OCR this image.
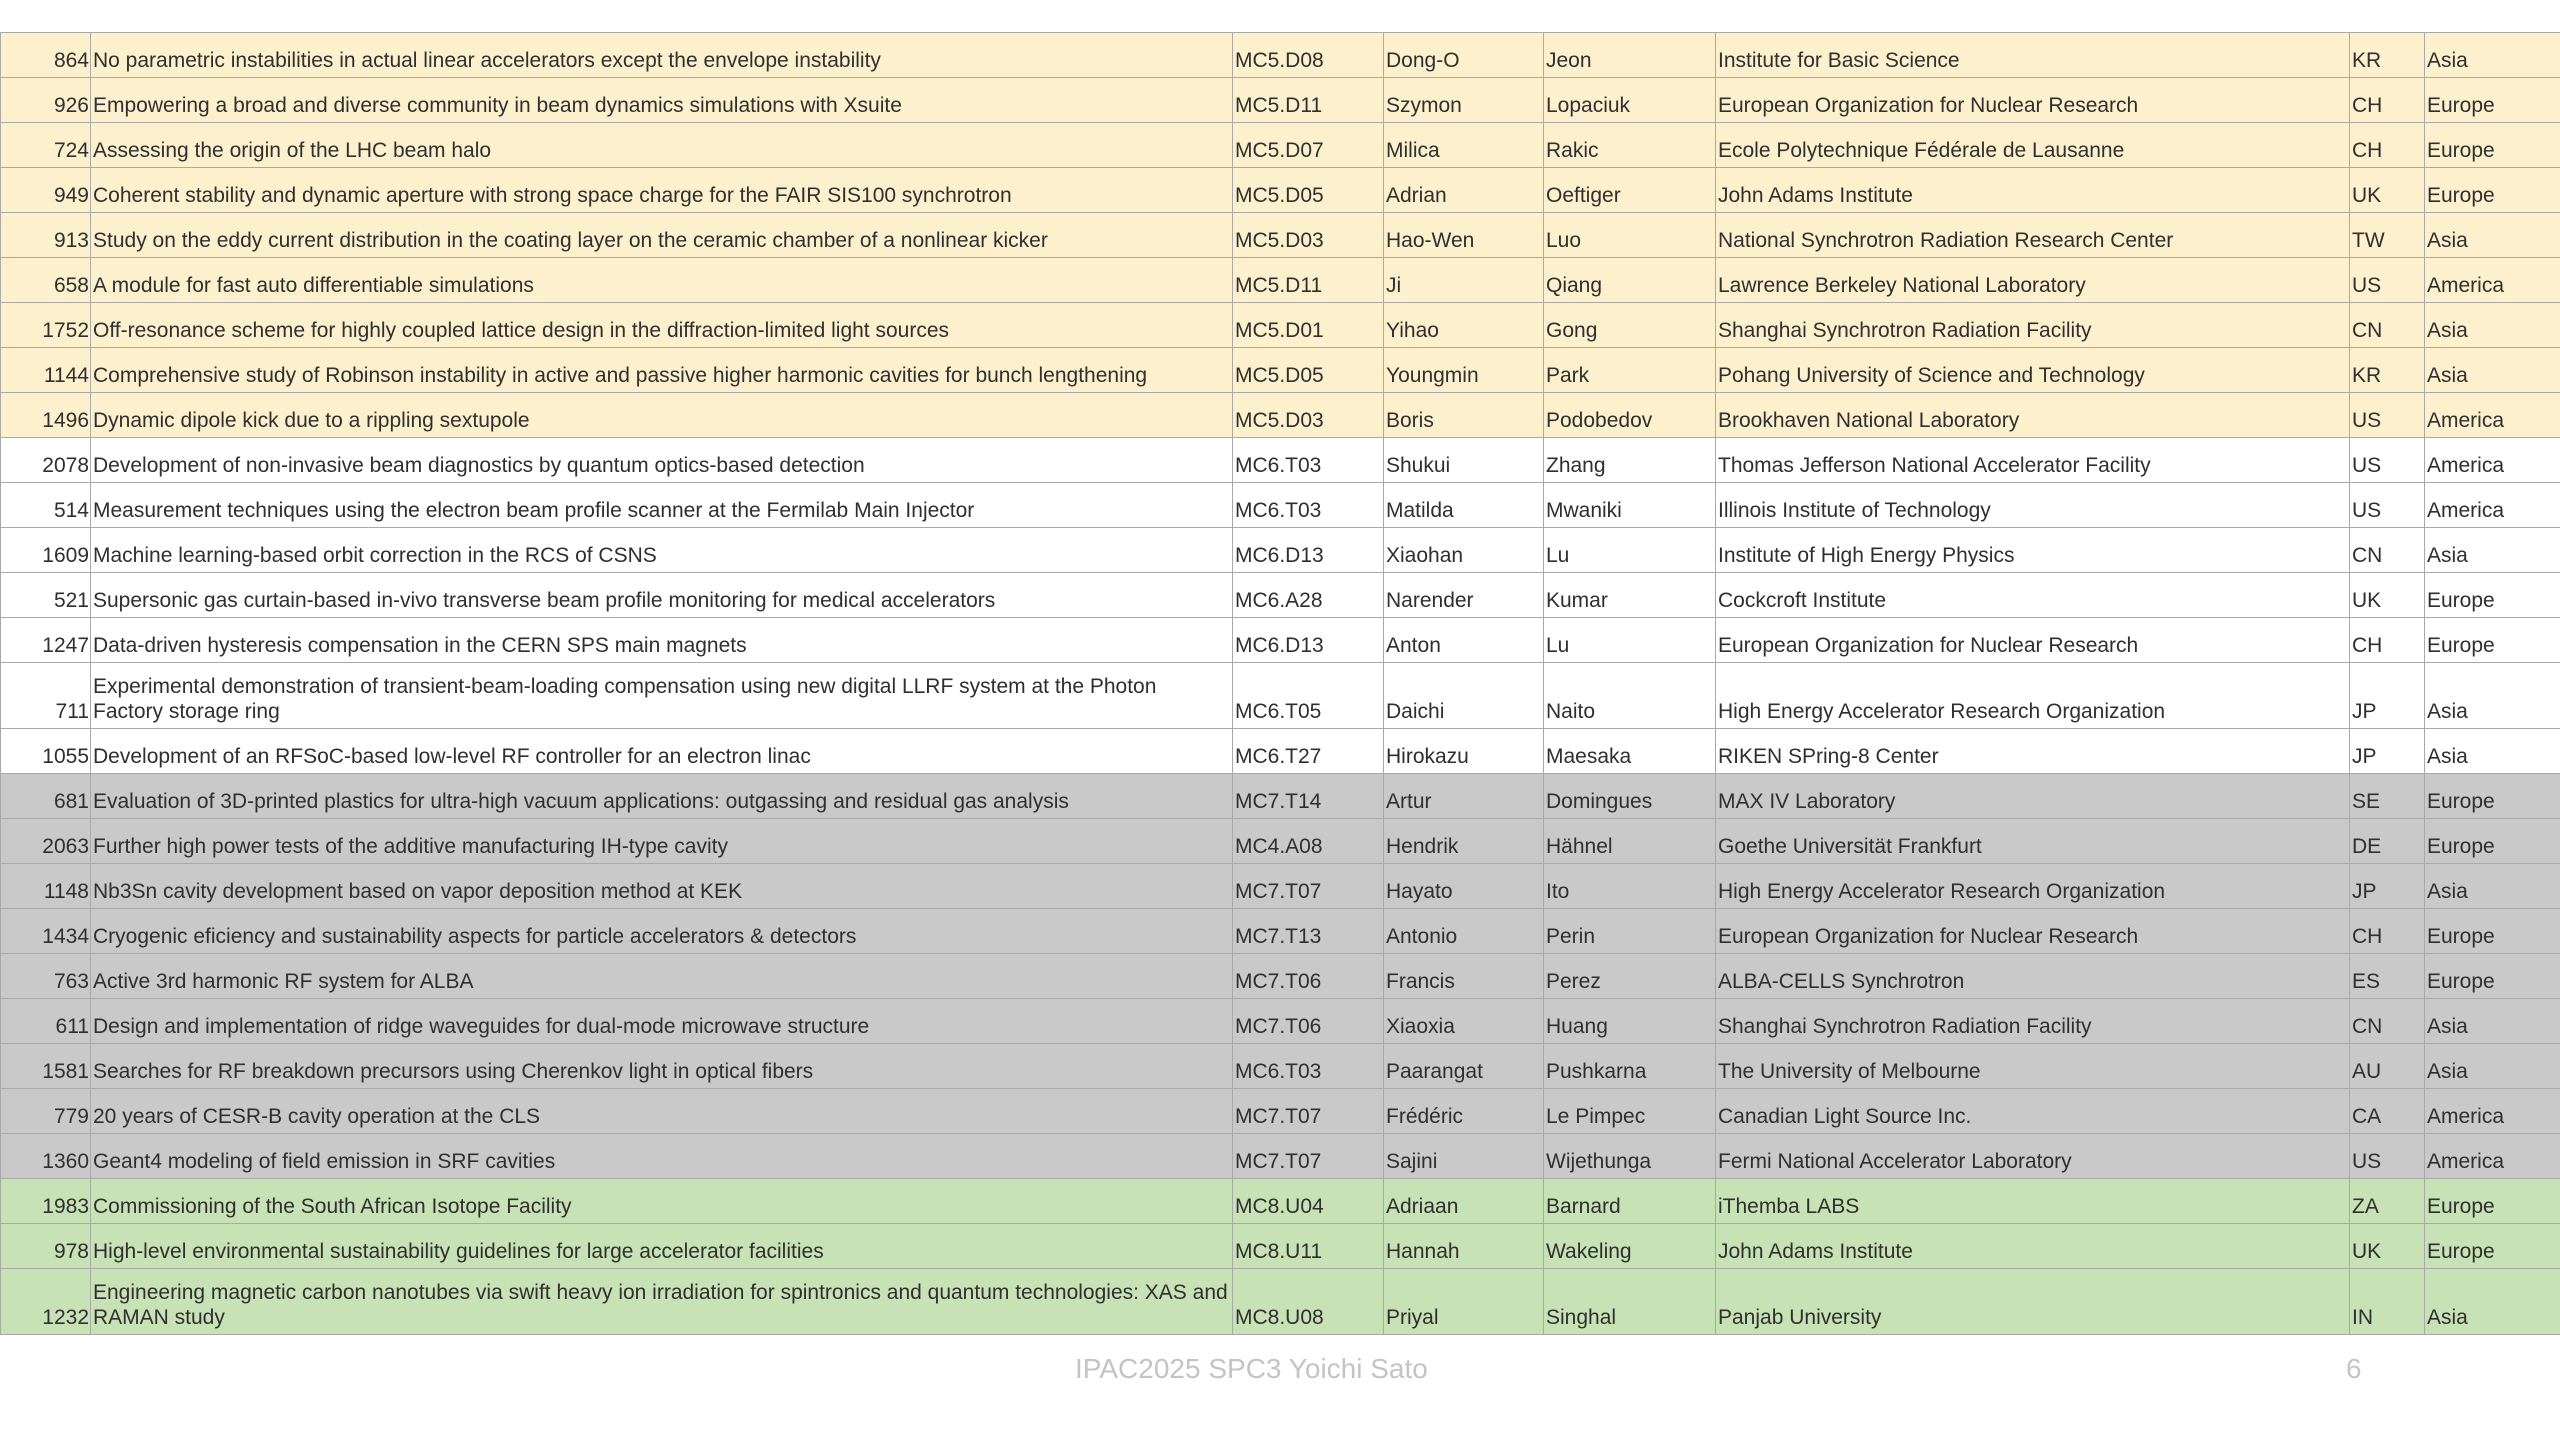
864	No parametric instabilities in actual linear accelerators except the envelope instability	MC5.D08	Dong-O	Jeon	Institute for Basic Science	KR	Asia
926	Empowering a broad and diverse community in beam dynamics simulations with Xsuite	MC5.D11	Szymon	Lopaciuk	European Organization for Nuclear Research	CH	Europe
724	Assessing the origin of the LHC beam halo	MC5.D07	Milica	Rakic	Ecole Polytechnique Fédérale de Lausanne	CH	Europe
949	Coherent stability and dynamic aperture with strong space charge for the FAIR SIS100 synchrotron	MC5.D05	Adrian	Oeftiger	John Adams Institute	UK	Europe
913	Study on the eddy current distribution in the coating layer on the ceramic chamber of a nonlinear kicker	MC5.D03	Hao-Wen	Luo	National Synchrotron Radiation Research Center	TW	Asia
658	A module for fast auto differentiable simulations	MC5.D11	Ji	Qiang	Lawrence Berkeley National Laboratory	US	America
1752	Off-resonance scheme for highly coupled lattice design in the diffraction-limited light sources	MC5.D01	Yihao	Gong	Shanghai Synchrotron Radiation Facility	CN	Asia
1144	Comprehensive study of Robinson instability in active and passive higher harmonic cavities for bunch lengthening	MC5.D05	Youngmin	Park	Pohang University of Science and Technology	KR	Asia
1496	Dynamic dipole kick due to a rippling sextupole	MC5.D03	Boris	Podobedov	Brookhaven National Laboratory	US	America
2078	Development of non-invasive beam diagnostics by quantum optics-based detection	MC6.T03	Shukui	Zhang	Thomas Jefferson National Accelerator Facility	US	America
514	Measurement techniques using the electron beam profile scanner at the Fermilab Main Injector	MC6.T03	Matilda	Mwaniki	Illinois Institute of Technology	US	America
1609	Machine learning-based orbit correction in the RCS of CSNS	MC6.D13	Xiaohan	Lu	Institute of High Energy Physics	CN	Asia
521	Supersonic gas curtain-based in-vivo transverse beam profile monitoring for medical accelerators	MC6.A28	Narender	Kumar	Cockcroft Institute	UK	Europe
1247	Data-driven hysteresis compensation in the CERN SPS main magnets	MC6.D13	Anton	Lu	European Organization for Nuclear Research	CH	Europe
711	Experimental demonstration of transient-beam-loading compensation using new digital LLRF system at the Photon Factory storage ring	MC6.T05	Daichi	Naito	High Energy Accelerator Research Organization	JP	Asia
1055	Development of an RFSoC-based low-level RF controller for an electron linac	MC6.T27	Hirokazu	Maesaka	RIKEN SPring-8 Center	JP	Asia
681	Evaluation of 3D-printed plastics for ultra-high vacuum applications: outgassing and residual gas analysis	MC7.T14	Artur	Domingues	MAX IV Laboratory	SE	Europe
2063	Further high power tests of the additive manufacturing IH-type cavity	MC4.A08	Hendrik	Hähnel	Goethe Universität Frankfurt	DE	Europe
1148	Nb3Sn cavity development based on vapor deposition method at KEK	MC7.T07	Hayato	Ito	High Energy Accelerator Research Organization	JP	Asia
1434	Cryogenic eficiency and sustainability aspects for particle accelerators & detectors	MC7.T13	Antonio	Perin	European Organization for Nuclear Research	CH	Europe
763	Active 3rd harmonic RF system for ALBA	MC7.T06	Francis	Perez	ALBA-CELLS Synchrotron	ES	Europe
611	Design and implementation of ridge waveguides for dual-mode microwave structure	MC7.T06	Xiaoxia	Huang	Shanghai Synchrotron Radiation Facility	CN	Asia
1581	Searches for RF breakdown precursors using Cherenkov light in optical fibers	MC6.T03	Paarangat	Pushkarna	The University of Melbourne	AU	Asia
779	20 years of CESR-B cavity operation at the CLS	MC7.T07	Frédéric	Le Pimpec	Canadian Light Source Inc.	CA	America
1360	Geant4 modeling of field emission in SRF cavities	MC7.T07	Sajini	Wijethunga	Fermi National Accelerator Laboratory	US	America
1983	Commissioning of the South African Isotope Facility	MC8.U04	Adriaan	Barnard	iThemba LABS	ZA	Europe
978	High-level environmental sustainability guidelines for large accelerator facilities	MC8.U11	Hannah	Wakeling	John Adams Institute	UK	Europe
1232	Engineering magnetic carbon nanotubes via swift heavy ion irradiation for spintronics and quantum technologies: XAS and RAMAN study	MC8.U08	Priyal	Singhal	Panjab University	IN	Asia
IPAC2025 SPC3 Yoichi Sato	6
